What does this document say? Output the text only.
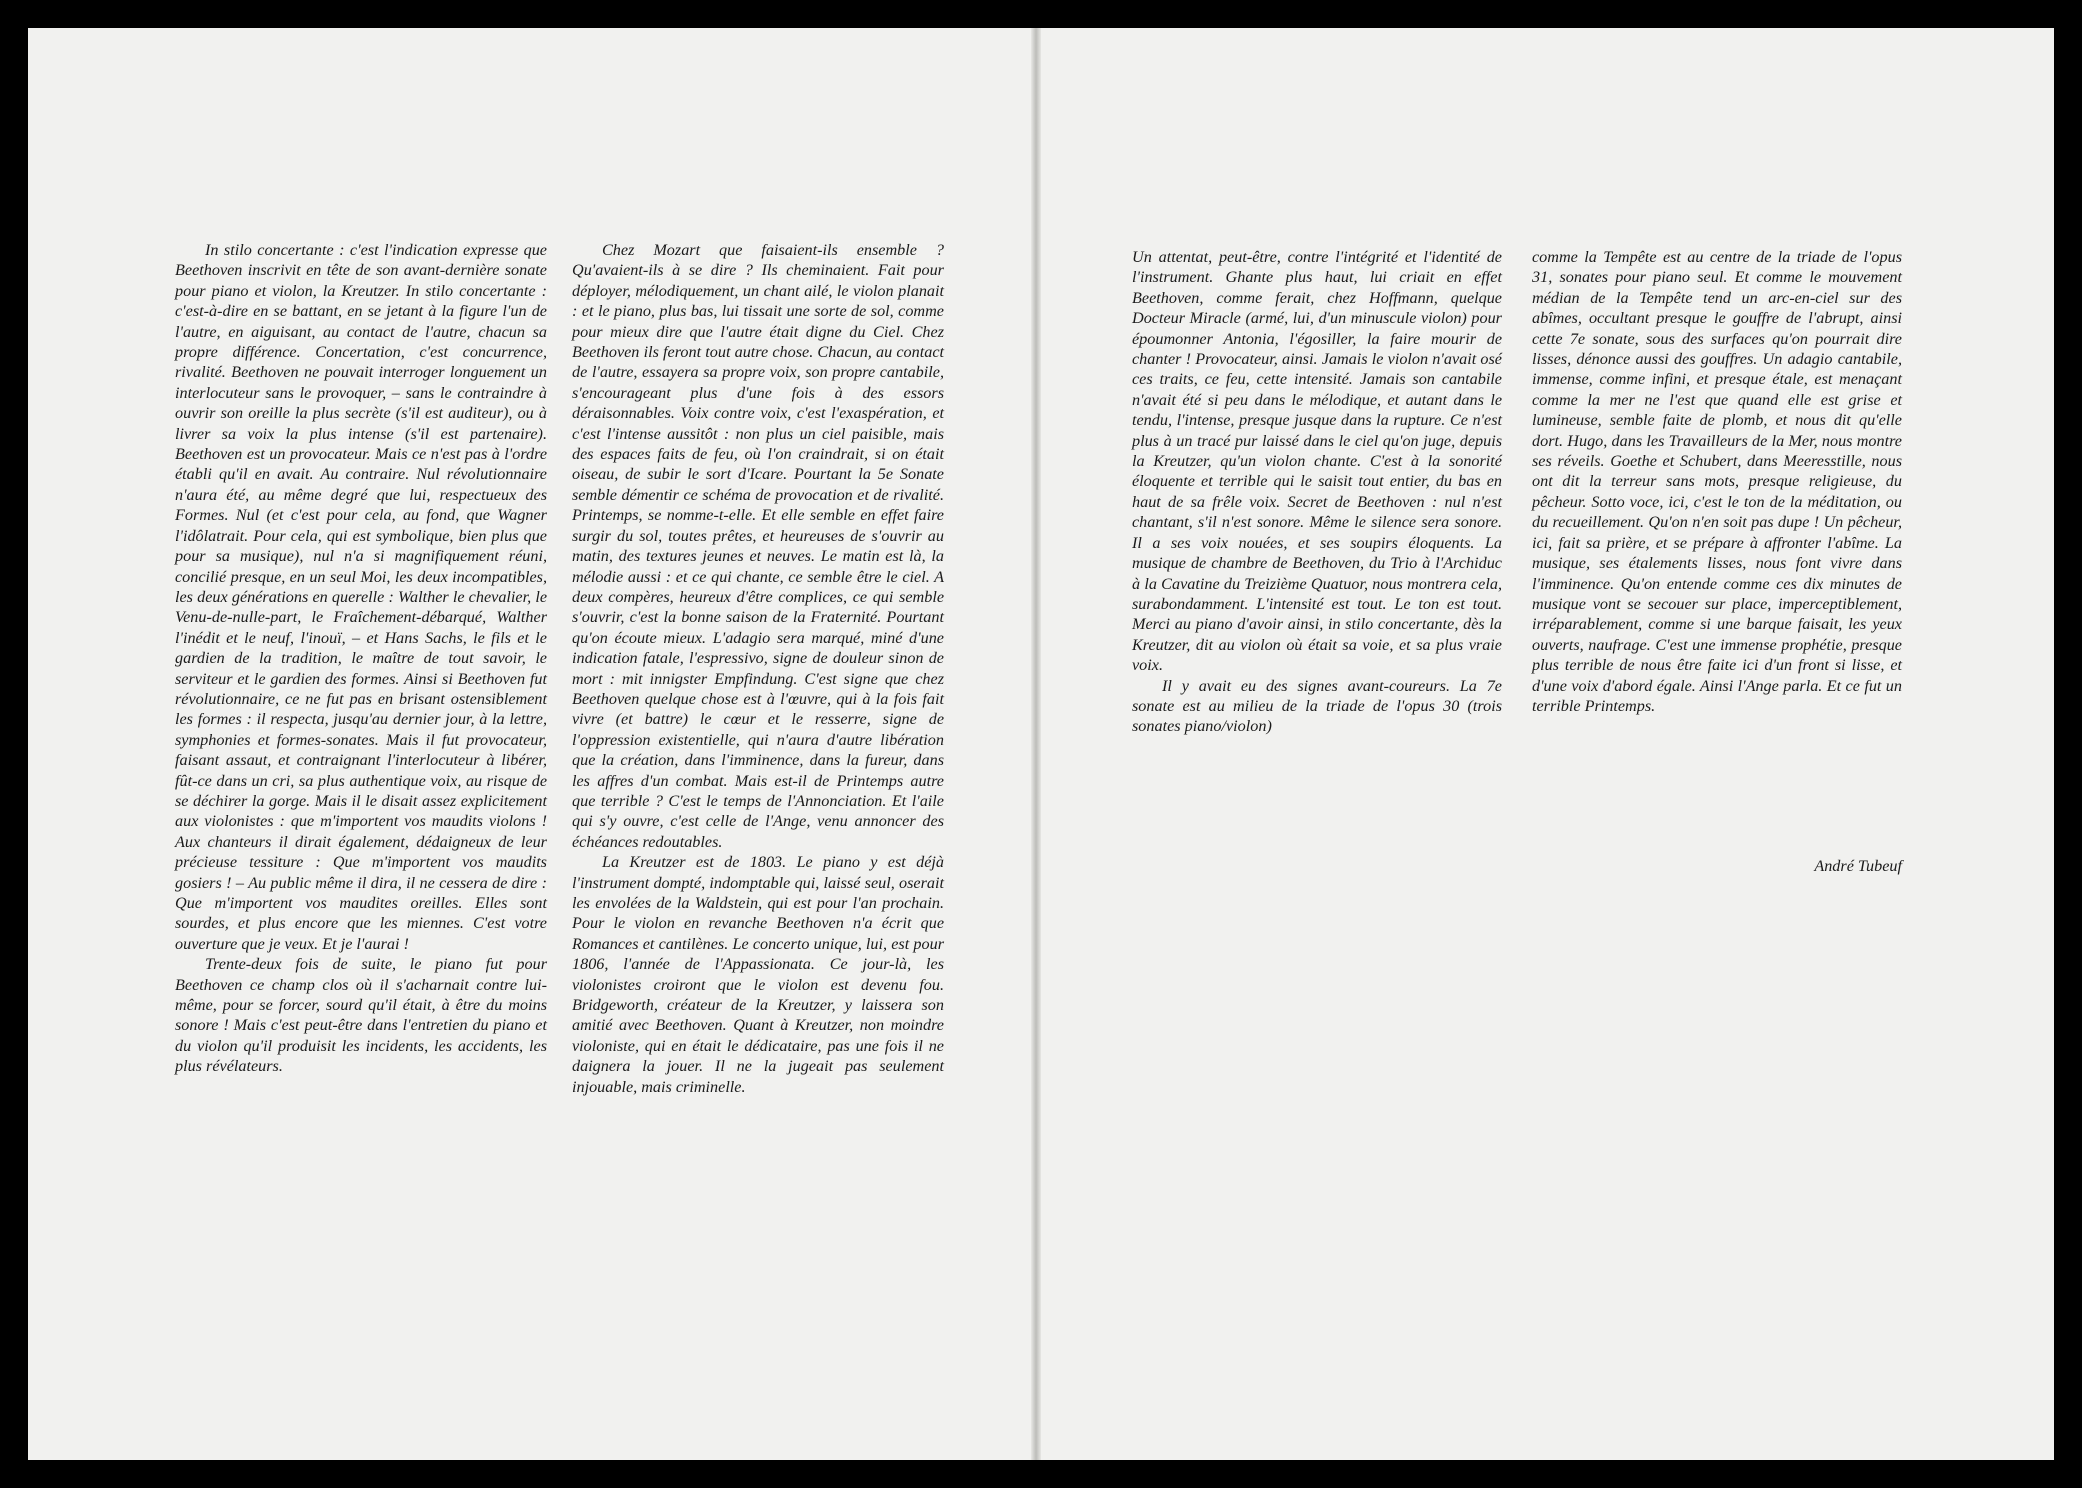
In stilo concertante : c'est l'indication expresse que Beethoven inscrivit en tête de son avant-dernière sonate pour piano et violon, la Kreutzer. In stilo concertante : c'est-à-dire en se battant, en se jetant à la figure l'un de l'autre, en aiguisant, au contact de l'autre, chacun sa propre différence. Concertation, c'est concurrence, rivalité. Beethoven ne pouvait interroger longuement un interlocuteur sans le provoquer, – sans le contraindre à ouvrir son oreille la plus secrète (s'il est auditeur), ou à livrer sa voix la plus intense (s'il est partenaire). Beethoven est un provocateur. Mais ce n'est pas à l'ordre établi qu'il en avait. Au contraire. Nul révolutionnaire n'aura été, au même degré que lui, respectueux des Formes. Nul (et c'est pour cela, au fond, que Wagner l'idôlatrait. Pour cela, qui est symbolique, bien plus que pour sa musique), nul n'a si magnifiquement réuni, concilié presque, en un seul Moi, les deux incompatibles, les deux générations en querelle : Walther le chevalier, le Venu-de-nulle-part, le Fraîchement-débarqué, Walther l'inédit et le neuf, l'inouï, – et Hans Sachs, le fils et le gardien de la tradition, le maître de tout savoir, le serviteur et le gardien des formes. Ainsi si Beethoven fut révolutionnaire, ce ne fut pas en brisant ostensiblement les formes : il respecta, jusqu'au dernier jour, à la lettre, symphonies et formes-sonates. Mais il fut provocateur, faisant assaut, et contraignant l'interlocuteur à libérer, fût-ce dans un cri, sa plus authentique voix, au risque de se déchirer la gorge. Mais il le disait assez explicitement aux violonistes : que m'importent vos maudits violons ! Aux chanteurs il dirait également, dédaigneux de leur précieuse tessiture : Que m'importent vos maudits gosiers ! – Au public même il dira, il ne cessera de dire : Que m'importent vos maudites oreilles. Elles sont sourdes, et plus encore que les miennes. C'est votre ouverture que je veux. Et je l'aurai !

Trente-deux fois de suite, le piano fut pour Beethoven ce champ clos où il s'acharnait contre lui-même, pour se forcer, sourd qu'il était, à être du moins sonore ! Mais c'est peut-être dans l'entretien du piano et du violon qu'il produisit les incidents, les accidents, les plus révélateurs.

Chez Mozart que faisaient-ils ensemble ? Qu'avaient-ils à se dire ? Ils cheminaient. Fait pour déployer, mélodiquement, un chant ailé, le violon planait : et le piano, plus bas, lui tissait une sorte de sol, comme pour mieux dire que l'autre était digne du Ciel. Chez Beethoven ils feront tout autre chose. Chacun, au contact de l'autre, essayera sa propre voix, son propre cantabile, s'encourageant plus d'une fois à des essors déraisonnables. Voix contre voix, c'est l'exaspération, et c'est l'intense aussitôt : non plus un ciel paisible, mais des espaces faits de feu, où l'on craindrait, si on était oiseau, de subir le sort d'Icare. Pourtant la 5e Sonate semble démentir ce schéma de provocation et de rivalité. Printemps, se nomme-t-elle. Et elle semble en effet faire surgir du sol, toutes prêtes, et heureuses de s'ouvrir au matin, des textures jeunes et neuves. Le matin est là, la mélodie aussi : et ce qui chante, ce semble être le ciel. A deux compères, heureux d'être complices, ce qui semble s'ouvrir, c'est la bonne saison de la Fraternité. Pourtant qu'on écoute mieux. L'adagio sera marqué, miné d'une indication fatale, l'espressivo, signe de douleur sinon de mort : mit innigster Empfindung. C'est signe que chez Beethoven quelque chose est à l'œuvre, qui à la fois fait vivre (et battre) le cœur et le resserre, signe de l'oppression existentielle, qui n'aura d'autre libération que la création, dans l'imminence, dans la fureur, dans les affres d'un combat. Mais est-il de Printemps autre que terrible ? C'est le temps de l'Annonciation. Et l'aile qui s'y ouvre, c'est celle de l'Ange, venu annoncer des échéances redoutables.

La Kreutzer est de 1803. Le piano y est déjà l'instrument dompté, indomptable qui, laissé seul, oserait les envolées de la Waldstein, qui est pour l'an prochain. Pour le violon en revanche Beethoven n'a écrit que Romances et cantilènes. Le concerto unique, lui, est pour 1806, l'année de l'Appassionata. Ce jour-là, les violonistes croiront que le violon est devenu fou. Bridgeworth, créateur de la Kreutzer, y laissera son amitié avec Beethoven. Quant à Kreutzer, non moindre violoniste, qui en était le dédicataire, pas une fois il ne daignera la jouer. Il ne la jugeait pas seulement injouable, mais criminelle.

Un attentat, peut-être, contre l'intégrité et l'identité de l'instrument. Ghante plus haut, lui criait en effet Beethoven, comme ferait, chez Hoffmann, quelque Docteur Miracle (armé, lui, d'un minuscule violon) pour époumonner Antonia, l'égosiller, la faire mourir de chanter ! Provocateur, ainsi. Jamais le violon n'avait osé ces traits, ce feu, cette intensité. Jamais son cantabile n'avait été si peu dans le mélodique, et autant dans le tendu, l'intense, presque jusque dans la rupture. Ce n'est plus à un tracé pur laissé dans le ciel qu'on juge, depuis la Kreutzer, qu'un violon chante. C'est à la sonorité éloquente et terrible qui le saisit tout entier, du bas en haut de sa frêle voix. Secret de Beethoven : nul n'est chantant, s'il n'est sonore. Même le silence sera sonore. Il a ses voix nouées, et ses soupirs éloquents. La musique de chambre de Beethoven, du Trio à l'Archiduc à la Cavatine du Treizième Quatuor, nous montrera cela, surabondamment. L'intensité est tout. Le ton est tout. Merci au piano d'avoir ainsi, in stilo concertante, dès la Kreutzer, dit au violon où était sa voie, et sa plus vraie voix.

Il y avait eu des signes avant-coureurs. La 7e sonate est au milieu de la triade de l'opus 30 (trois sonates piano/violon)

comme la Tempête est au centre de la triade de l'opus 31, sonates pour piano seul. Et comme le mouvement médian de la Tempête tend un arc-en-ciel sur des abîmes, occultant presque le gouffre de l'abrupt, ainsi cette 7e sonate, sous des surfaces qu'on pourrait dire lisses, dénonce aussi des gouffres. Un adagio cantabile, immense, comme infini, et presque étale, est menaçant comme la mer ne l'est que quand elle est grise et lumineuse, semble faite de plomb, et nous dit qu'elle dort. Hugo, dans les Travailleurs de la Mer, nous montre ses réveils. Goethe et Schubert, dans Meeresstille, nous ont dit la terreur sans mots, presque religieuse, du pêcheur. Sotto voce, ici, c'est le ton de la méditation, ou du recueillement. Qu'on n'en soit pas dupe ! Un pêcheur, ici, fait sa prière, et se prépare à affronter l'abîme. La musique, ses étalements lisses, nous font vivre dans l'imminence. Qu'on entende comme ces dix minutes de musique vont se secouer sur place, imperceptiblement, irréparablement, comme si une barque faisait, les yeux ouverts, naufrage. C'est une immense prophétie, presque plus terrible de nous être faite ici d'un front si lisse, et d'une voix d'abord égale. Ainsi l'Ange parla. Et ce fut un terrible Printemps.

André Tubeuf
